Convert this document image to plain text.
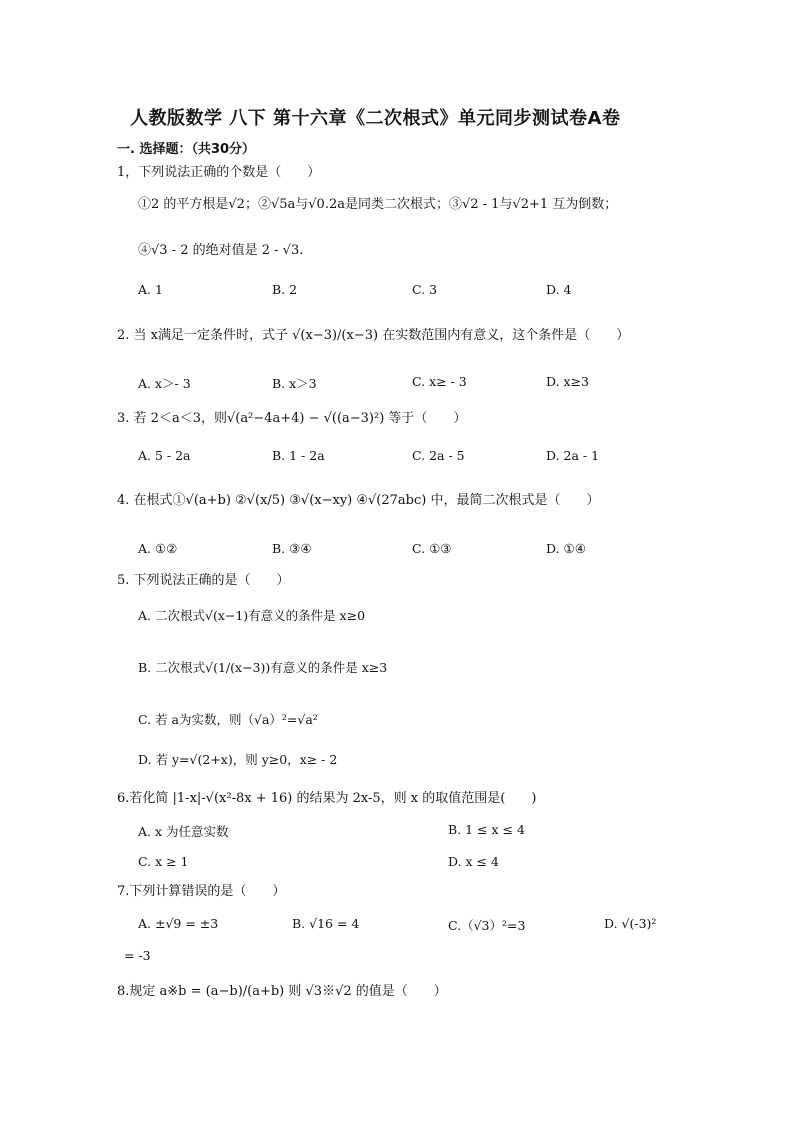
人教版数学 八下 第十六章《二次根式》单元同步测试卷A卷
一. 选择题：（共30分）
1，下列说法正确的个数是（　　）
①2 的平方根是√2；②√5a与√0.2a是同类二次根式；③√2 - 1与√2+1 互为倒数；
④√3 - 2 的绝对值是 2 - √3.
A. 1	B. 2	C. 3	D. 4
2. 当 x满足一定条件时，式子 √(x−3)/(x−3) 在实数范围内有意义，这个条件是（　　）
A. x＞- 3	B. x＞3	C. x≥ - 3	D. x≥3
3. 若 2＜a＜3，则√(a²−4a+4) − √((a−3)²) 等于（　　）
A. 5 - 2a	B. 1 - 2a	C. 2a - 5	D. 2a - 1
4. 在根式①√(a+b) ②√(x/5) ③√(x−xy) ④√(27abc) 中，最简二次根式是（　　）
A. ①②	B. ③④	C. ①③	D. ①④
5. 下列说法正确的是（　　）
A. 二次根式√(x−1)有意义的条件是 x≥0
B. 二次根式√(1/(x−3))有意义的条件是 x≥3
C. 若 a为实数，则（√a）²=√a²
D. 若 y=√(2+x)，则 y≥0，x≥ - 2
6.若化简 |1-x|-√(x²-8x + 16) 的结果为 2x-5，则 x 的取值范围是(　　)
A. x 为任意实数	B. 1 ≤ x ≤ 4
C. x ≥ 1	D. x ≤ 4
7.下列计算错误的是（　　）
A. ±√9 = ±3	B. √16 = 4	C.（√3）²=3	D. √(-3)²
= -3
8.规定 a※b = (a−b)/(a+b) 则 √3※√2 的值是（　　）
